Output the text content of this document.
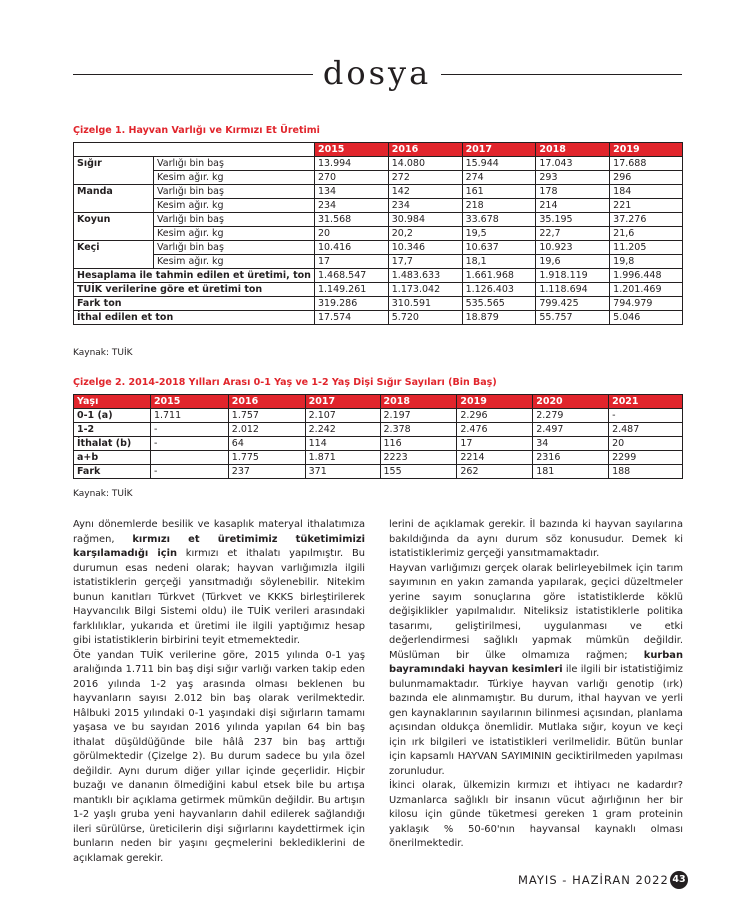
dosya
Çizelge 1. Hayvan Varlığı ve Kırmızı Et Üretimi
		2015	2016	2017	2018	2019
Sığır	Varlığı bin baş	13.994	14.080	15.944	17.043	17.688
	Kesim ağır. kg	270	272	274	293	296
Manda	Varlığı bin baş	134	142	161	178	184
	Kesim ağır. kg	234	234	218	214	221
Koyun	Varlığı bin baş	31.568	30.984	33.678	35.195	37.276
	Kesim ağır. kg	20	20,2	19,5	22,7	21,6
Keçi	Varlığı bin baş	10.416	10.346	10.637	10.923	11.205
	Kesim ağır. kg	17	17,7	18,1	19,6	19,8
Hesaplama ile tahmin edilen et üretimi, ton		1.468.547	1.483.633	1.661.968	1.918.119	1.996.448
TUİK verilerine göre et üretimi ton		1.149.261	1.173.042	1.126.403	1.118.694	1.201.469
Fark ton		319.286	310.591	535.565	799.425	794.979
İthal edilen et ton		17.574	5.720	18.879	55.757	5.046
Kaynak: TUİK
Çizelge 2. 2014-2018 Yılları Arası 0-1 Yaş ve 1-2 Yaş Dişi Sığır Sayıları (Bin Baş)
Yaşı	2015	2016	2017	2018	2019	2020	2021
0-1 (a)	1.711	1.757	2.107	2.197	2.296	2.279	-
1-2	-	2.012	2.242	2.378	2.476	2.497	2.487
İthalat (b)	-	64	114	116	17	34	20
a+b		1.775	1.871	2223	2214	2316	2299
Fark	-	237	371	155	262	181	188
Kaynak: TUİK

Aynı dönemlerde besilik ve kasaplık materyal ithalatımıza rağmen, kırmızı et üretimimiz tüketimimizi karşılamadığı için kırmızı et ithalatı yapılmıştır. Bu durumun esas nedeni olarak; hayvan varlığımızla ilgili istatistiklerin gerçeği yansıtmadığı söylenebilir. Nitekim bunun kanıtları Türkvet (Türkvet ve KKKS birleştirilerek Hayvancılık Bilgi Sistemi oldu) ile TUİK verileri arasındaki farklılıklar, yukarıda et üretimi ile ilgili yaptığımız hesap gibi istatistiklerin birbirini teyit etmemektedir.

Öte yandan TUİK verilerine göre, 2015 yılında 0-1 yaş aralığında 1.711 bin baş dişi sığır varlığı varken takip eden 2016 yılında 1-2 yaş arasında olması beklenen bu hayvanların sayısı 2.012 bin baş olarak verilmektedir. Hâlbuki 2015 yılındaki 0-1 yaşındaki dişi sığırların tamamı yaşasa ve bu sayıdan 2016 yılında yapılan 64 bin baş ithalat düşüldüğünde bile hâlâ 237 bin baş arttığı görülmektedir (Çizelge 2). Bu durum sadece bu yıla özel değildir. Aynı durum diğer yıllar içinde geçerlidir. Hiçbir buzağı ve dananın ölmediğini kabul etsek bile bu artışa mantıklı bir açıklama getirmek mümkün değildir. Bu artışın 1-2 yaşlı gruba yeni hayvanların dahil edilerek sağlandığı ileri sürülürse, üreticilerin dişi sığırlarını kaydettirmek için bunların neden bir yaşını geçmelerini beklediklerini de açıklamak gerekir.

lerini de açıklamak gerekir. İl bazında ki hayvan sayılarına bakıldığında da aynı durum söz konusudur. Demek ki istatistiklerimiz gerçeği yansıtmamaktadır.

Hayvan varlığımızı gerçek olarak belirleyebilmek için tarım sayımının en yakın zamanda yapılarak, geçici düzeltmeler yerine sayım sonuçlarına göre istatistiklerde köklü değişiklikler yapılmalıdır. Niteliksiz istatistiklerle politika tasarımı, geliştirilmesi, uygulanması ve etki değerlendirmesi sağlıklı yapmak mümkün değildir. Müslüman bir ülke olmamıza rağmen; kurban bayramındaki hayvan kesimleri ile ilgili bir istatistiğimiz bulunmamaktadır. Türkiye hayvan varlığı genotip (ırk) bazında ele alınmamıştır. Bu durum, ithal hayvan ve yerli gen kaynaklarının sayılarının bilinmesi açısından, planlama açısından oldukça önemlidir. Mutlaka sığır, koyun ve keçi için ırk bilgileri ve istatistikleri verilmelidir. Bütün bunlar için kapsamlı HAYVAN SAYIMININ geciktirilmeden yapılması zorunludur.

İkinci olarak, ülkemizin kırmızı et ihtiyacı ne kadardır? Uzmanlarca sağlıklı bir insanın vücut ağırlığının her bir kilosu için günde tüketmesi gereken 1 gram proteinin yaklaşık % 50-60'nın hayvansal kaynaklı olması önerilmektedir.

MAYIS - HAZİRAN 2022 43
